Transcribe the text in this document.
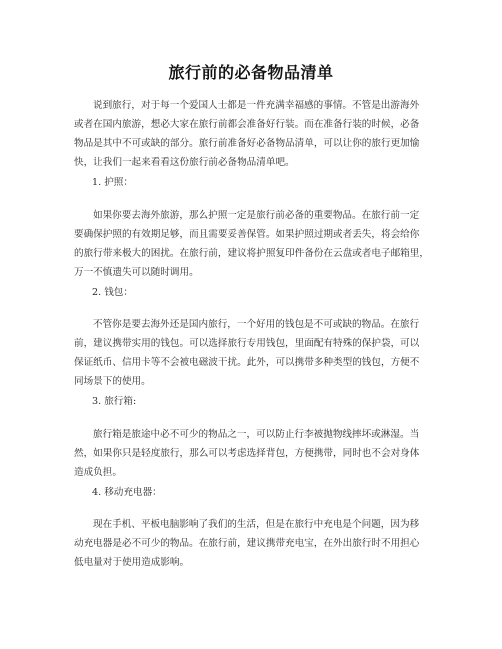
旅行前的必备物品清单
说到旅行，对于每一个爱国人士都是一件充满幸福感的事情。不管是出游海外
或者在国内旅游，想必大家在旅行前都会准备好行装。而在准备行装的时候，必备
物品是其中不可或缺的部分。旅行前准备好必备物品清单，可以让你的旅行更加愉
快，让我们一起来看看这份旅行前必备物品清单吧。
1. 护照：
如果你要去海外旅游，那么护照一定是旅行前必备的重要物品。在旅行前一定
要确保护照的有效期足够，而且需要妥善保管。如果护照过期或者丢失，将会给你
的旅行带来极大的困扰。在旅行前，建议将护照复印件备份在云盘或者电子邮箱里，
万一不慎遗失可以随时调用。
2. 钱包：
不管你是要去海外还是国内旅行，一个好用的钱包是不可或缺的物品。在旅行
前，建议携带实用的钱包。可以选择旅行专用钱包，里面配有特殊的保护袋，可以
保证纸币、信用卡等不会被电磁波干扰。此外，可以携带多种类型的钱包，方便不
同场景下的使用。
3. 旅行箱:
旅行箱是旅途中必不可少的物品之一，可以防止行李被抛物线摔坏或淋湿。当
然，如果你只是轻度旅行，那么可以考虑选择背包，方便携带，同时也不会对身体
造成负担。
4. 移动充电器：
现在手机、平板电脑影响了我们的生活，但是在旅行中充电是个问题，因为移
动充电器是必不可少的物品。在旅行前，建议携带充电宝，在外出旅行时不用担心
低电量对于使用造成影响。
